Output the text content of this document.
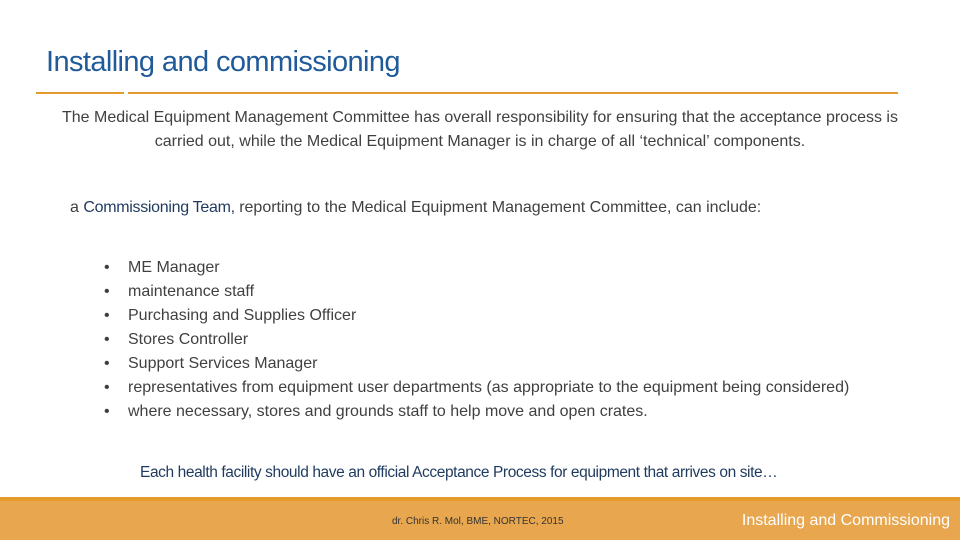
Installing and commissioning
The Medical Equipment Management Committee has overall responsibility for ensuring that the acceptance process is carried out, while the Medical Equipment Manager is in charge of all ‘technical’ components.
a Commissioning Team, reporting to the Medical Equipment Management Committee, can include:
• ME Manager
• maintenance staff
• Purchasing and Supplies Officer
• Stores Controller
• Support Services Manager
• representatives from equipment user departments (as appropriate to the equipment being considered)
• where necessary, stores and grounds staff to help move and open crates.
Each health facility should have an official Acceptance Process for equipment that arrives on site…
dr. Chris R. Mol, BME, NORTEC, 2015	Installing and Commissioning
